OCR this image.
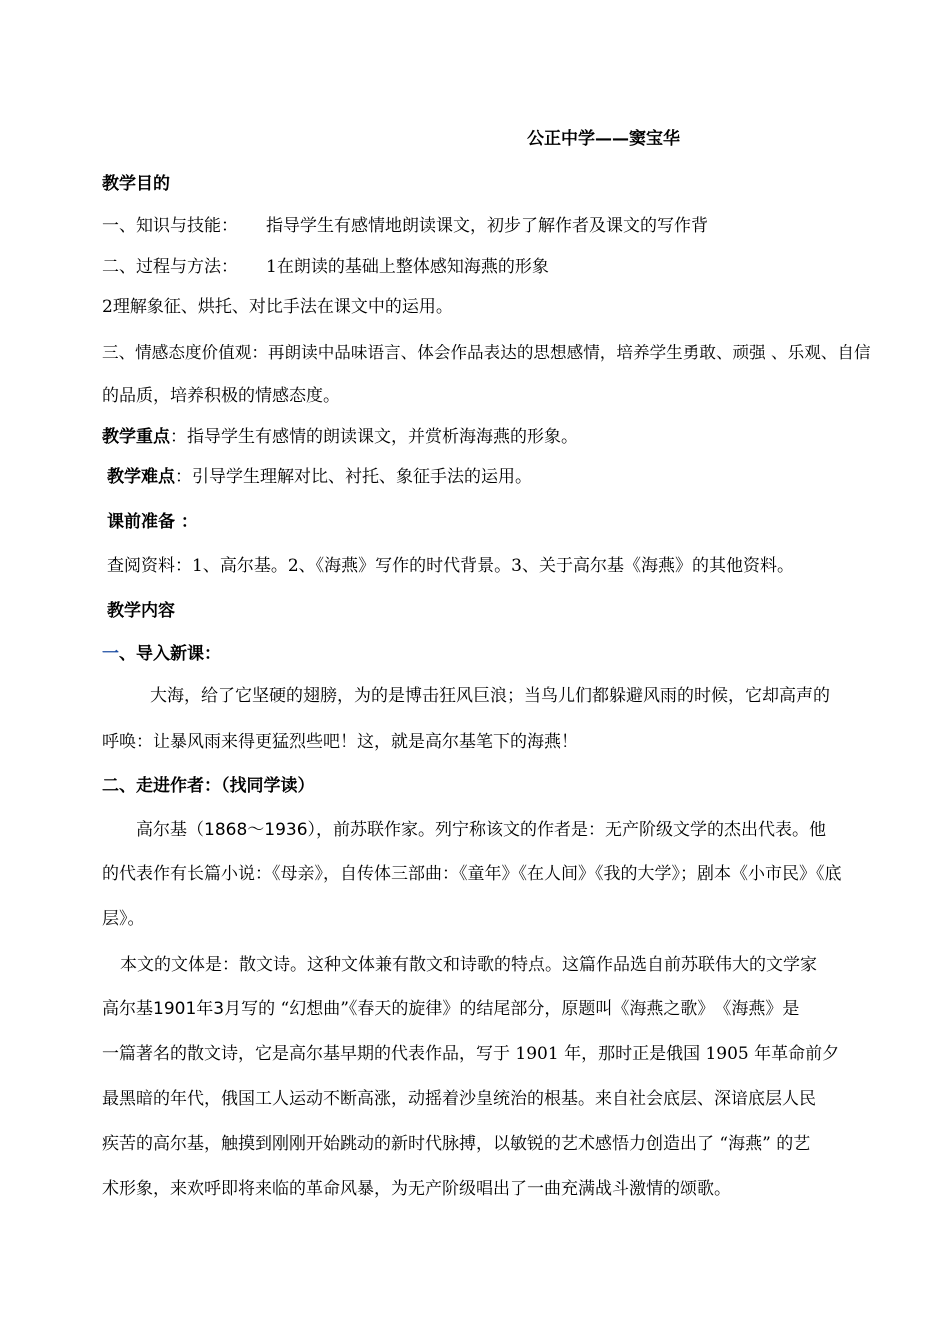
公正中学——窦宝华
教学目的
一、知识与技能： 指导学生有感情地朗读课文，初步了解作者及课文的写作背
二、过程与方法： 1在朗读的基础上整体感知海燕的形象
2理解象征、烘托、对比手法在课文中的运用。
三、情感态度价值观：再朗读中品味语言、体会作品表达的思想感情，培养学生勇敢、顽强 、乐观、自信
的品质，培养积极的情感态度。
教学重点：指导学生有感情的朗读课文，并赏析海海燕的形象。
教学难点：引导学生理解对比、衬托、象征手法的运用。
课前准备 ：
查阅资料：1、高尔基。2、《海燕》写作的时代背景。3、关于高尔基《海燕》的其他资料。
教学内容
一、导入新课：
大海，给了它坚硬的翅膀，为的是博击狂风巨浪；当鸟儿们都躲避风雨的时候，它却高声的
呼唤：让暴风雨来得更猛烈些吧！这，就是高尔基笔下的海燕！
二、走进作者：（找同学读）
高尔基（1868～1936），前苏联作家。列宁称该文的作者是：无产阶级文学的杰出代表。他
的代表作有长篇小说：《母亲》，自传体三部曲：《童年》《在人间》《我的大学》；剧本《小市民》《底
层》。
本文的文体是：散文诗。这种文体兼有散文和诗歌的特点。这篇作品选自前苏联伟大的文学家
高尔基1901年3月写的 “幻想曲”《春天的旋律》的结尾部分，原题叫《海燕之歌》　《海燕》是
一篇著名的散文诗，它是高尔基早期的代表作品，写于 1901 年，那时正是俄国 1905 年革命前夕
最黑暗的年代，俄国工人运动不断高涨，动摇着沙皇统治的根基。来自社会底层、深谙底层人民
疾苦的高尔基，触摸到刚刚开始跳动的新时代脉搏，以敏锐的艺术感悟力创造出了 “海燕” 的艺
术形象，来欢呼即将来临的革命风暴，为无产阶级唱出了一曲充满战斗激情的颂歌。
